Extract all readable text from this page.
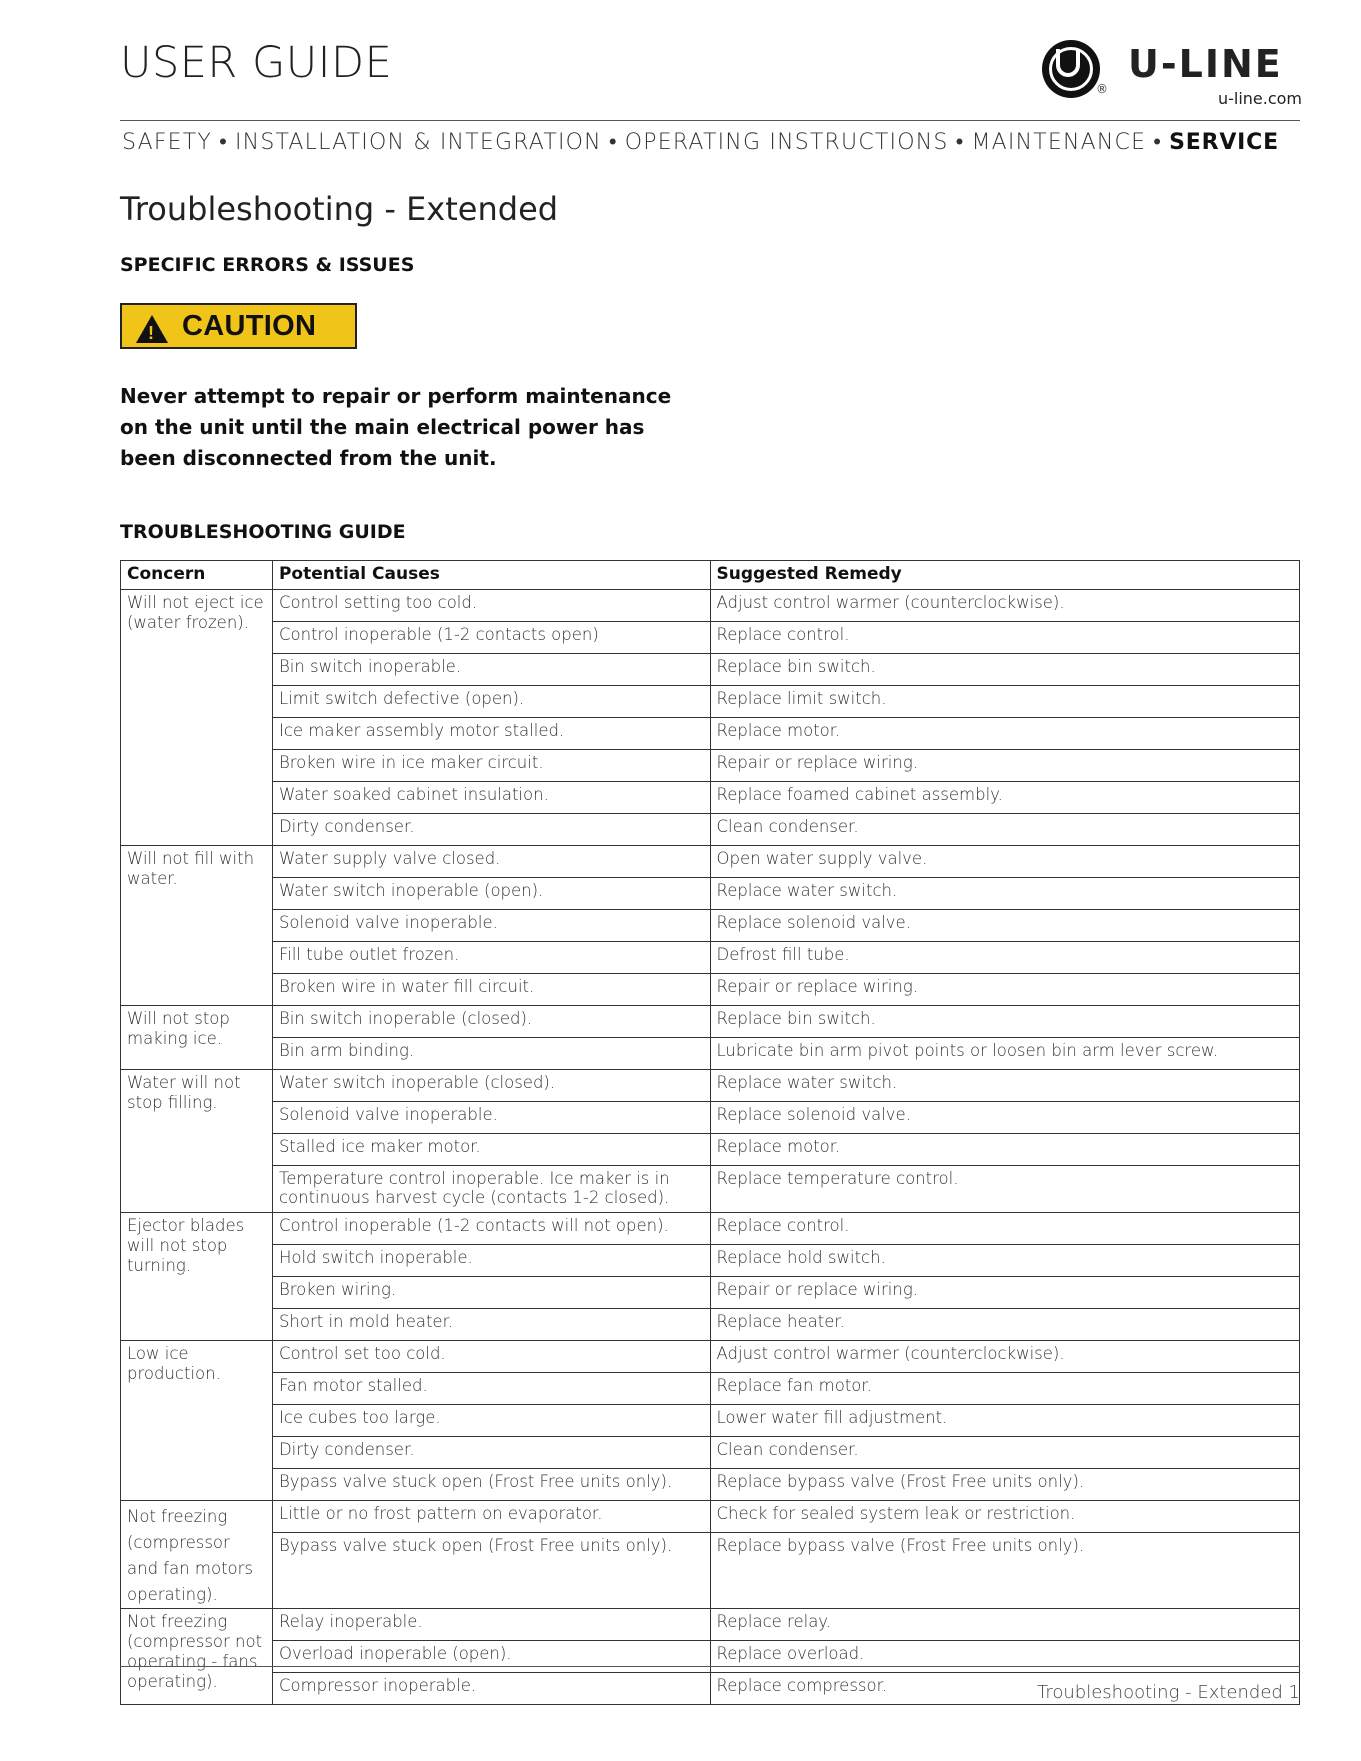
USER GUIDE
®
U-LINE
u-line.com
SAFETY • INSTALLATION & INTEGRATION • OPERATING INSTRUCTIONS • MAINTENANCE • SERVICE
Troubleshooting - Extended
SPECIFIC ERRORS & ISSUES
!
CAUTION
Never attempt to repair or perform maintenance
on the unit until the main electrical power has
been disconnected from the unit.
TROUBLESHOOTING GUIDE
Concern	Potential Causes	Suggested Remedy
Will not eject ice (water frozen).	Control setting too cold.	Adjust control warmer (counterclockwise).
	Control inoperable (1-2 contacts open)	Replace control.
	Bin switch inoperable.	Replace bin switch.
	Limit switch defective (open).	Replace limit switch.
	Ice maker assembly motor stalled.	Replace motor.
	Broken wire in ice maker circuit.	Repair or replace wiring.
	Water soaked cabinet insulation.	Replace foamed cabinet assembly.
	Dirty condenser.	Clean condenser.
Will not fill with water.	Water supply valve closed.	Open water supply valve.
	Water switch inoperable (open).	Replace water switch.
	Solenoid valve inoperable.	Replace solenoid valve.
	Fill tube outlet frozen.	Defrost fill tube.
	Broken wire in water fill circuit.	Repair or replace wiring.
Will not stop making ice.	Bin switch inoperable (closed).	Replace bin switch.
	Bin arm binding.	Lubricate bin arm pivot points or loosen bin arm lever screw.
Water will not stop filling.	Water switch inoperable (closed).	Replace water switch.
	Solenoid valve inoperable.	Replace solenoid valve.
	Stalled ice maker motor.	Replace motor.
	Temperature control inoperable. Ice maker is in continuous harvest cycle (contacts 1-2 closed).	Replace temperature control.
Ejector blades will not stop turning.	Control inoperable (1-2 contacts will not open).	Replace control.
	Hold switch inoperable.	Replace hold switch.
	Broken wiring.	Repair or replace wiring.
	Short in mold heater.	Replace heater.
Low ice production.	Control set too cold.	Adjust control warmer (counterclockwise).
	Fan motor stalled.	Replace fan motor.
	Ice cubes too large.	Lower water fill adjustment.
	Dirty condenser.	Clean condenser.
	Bypass valve stuck open (Frost Free units only).	Replace bypass valve (Frost Free units only).
Not freezing (compressor and fan motors operating).	Little or no frost pattern on evaporator.	Check for sealed system leak or restriction.
	Bypass valve stuck open (Frost Free units only).	Replace bypass valve (Frost Free units only).
Not freezing (compressor not operating - fans operating).	Relay inoperable.	Replace relay.
	Overload inoperable (open).	Replace overload.
	Compressor inoperable.	Replace compressor.	Troubleshooting - Extended 1
